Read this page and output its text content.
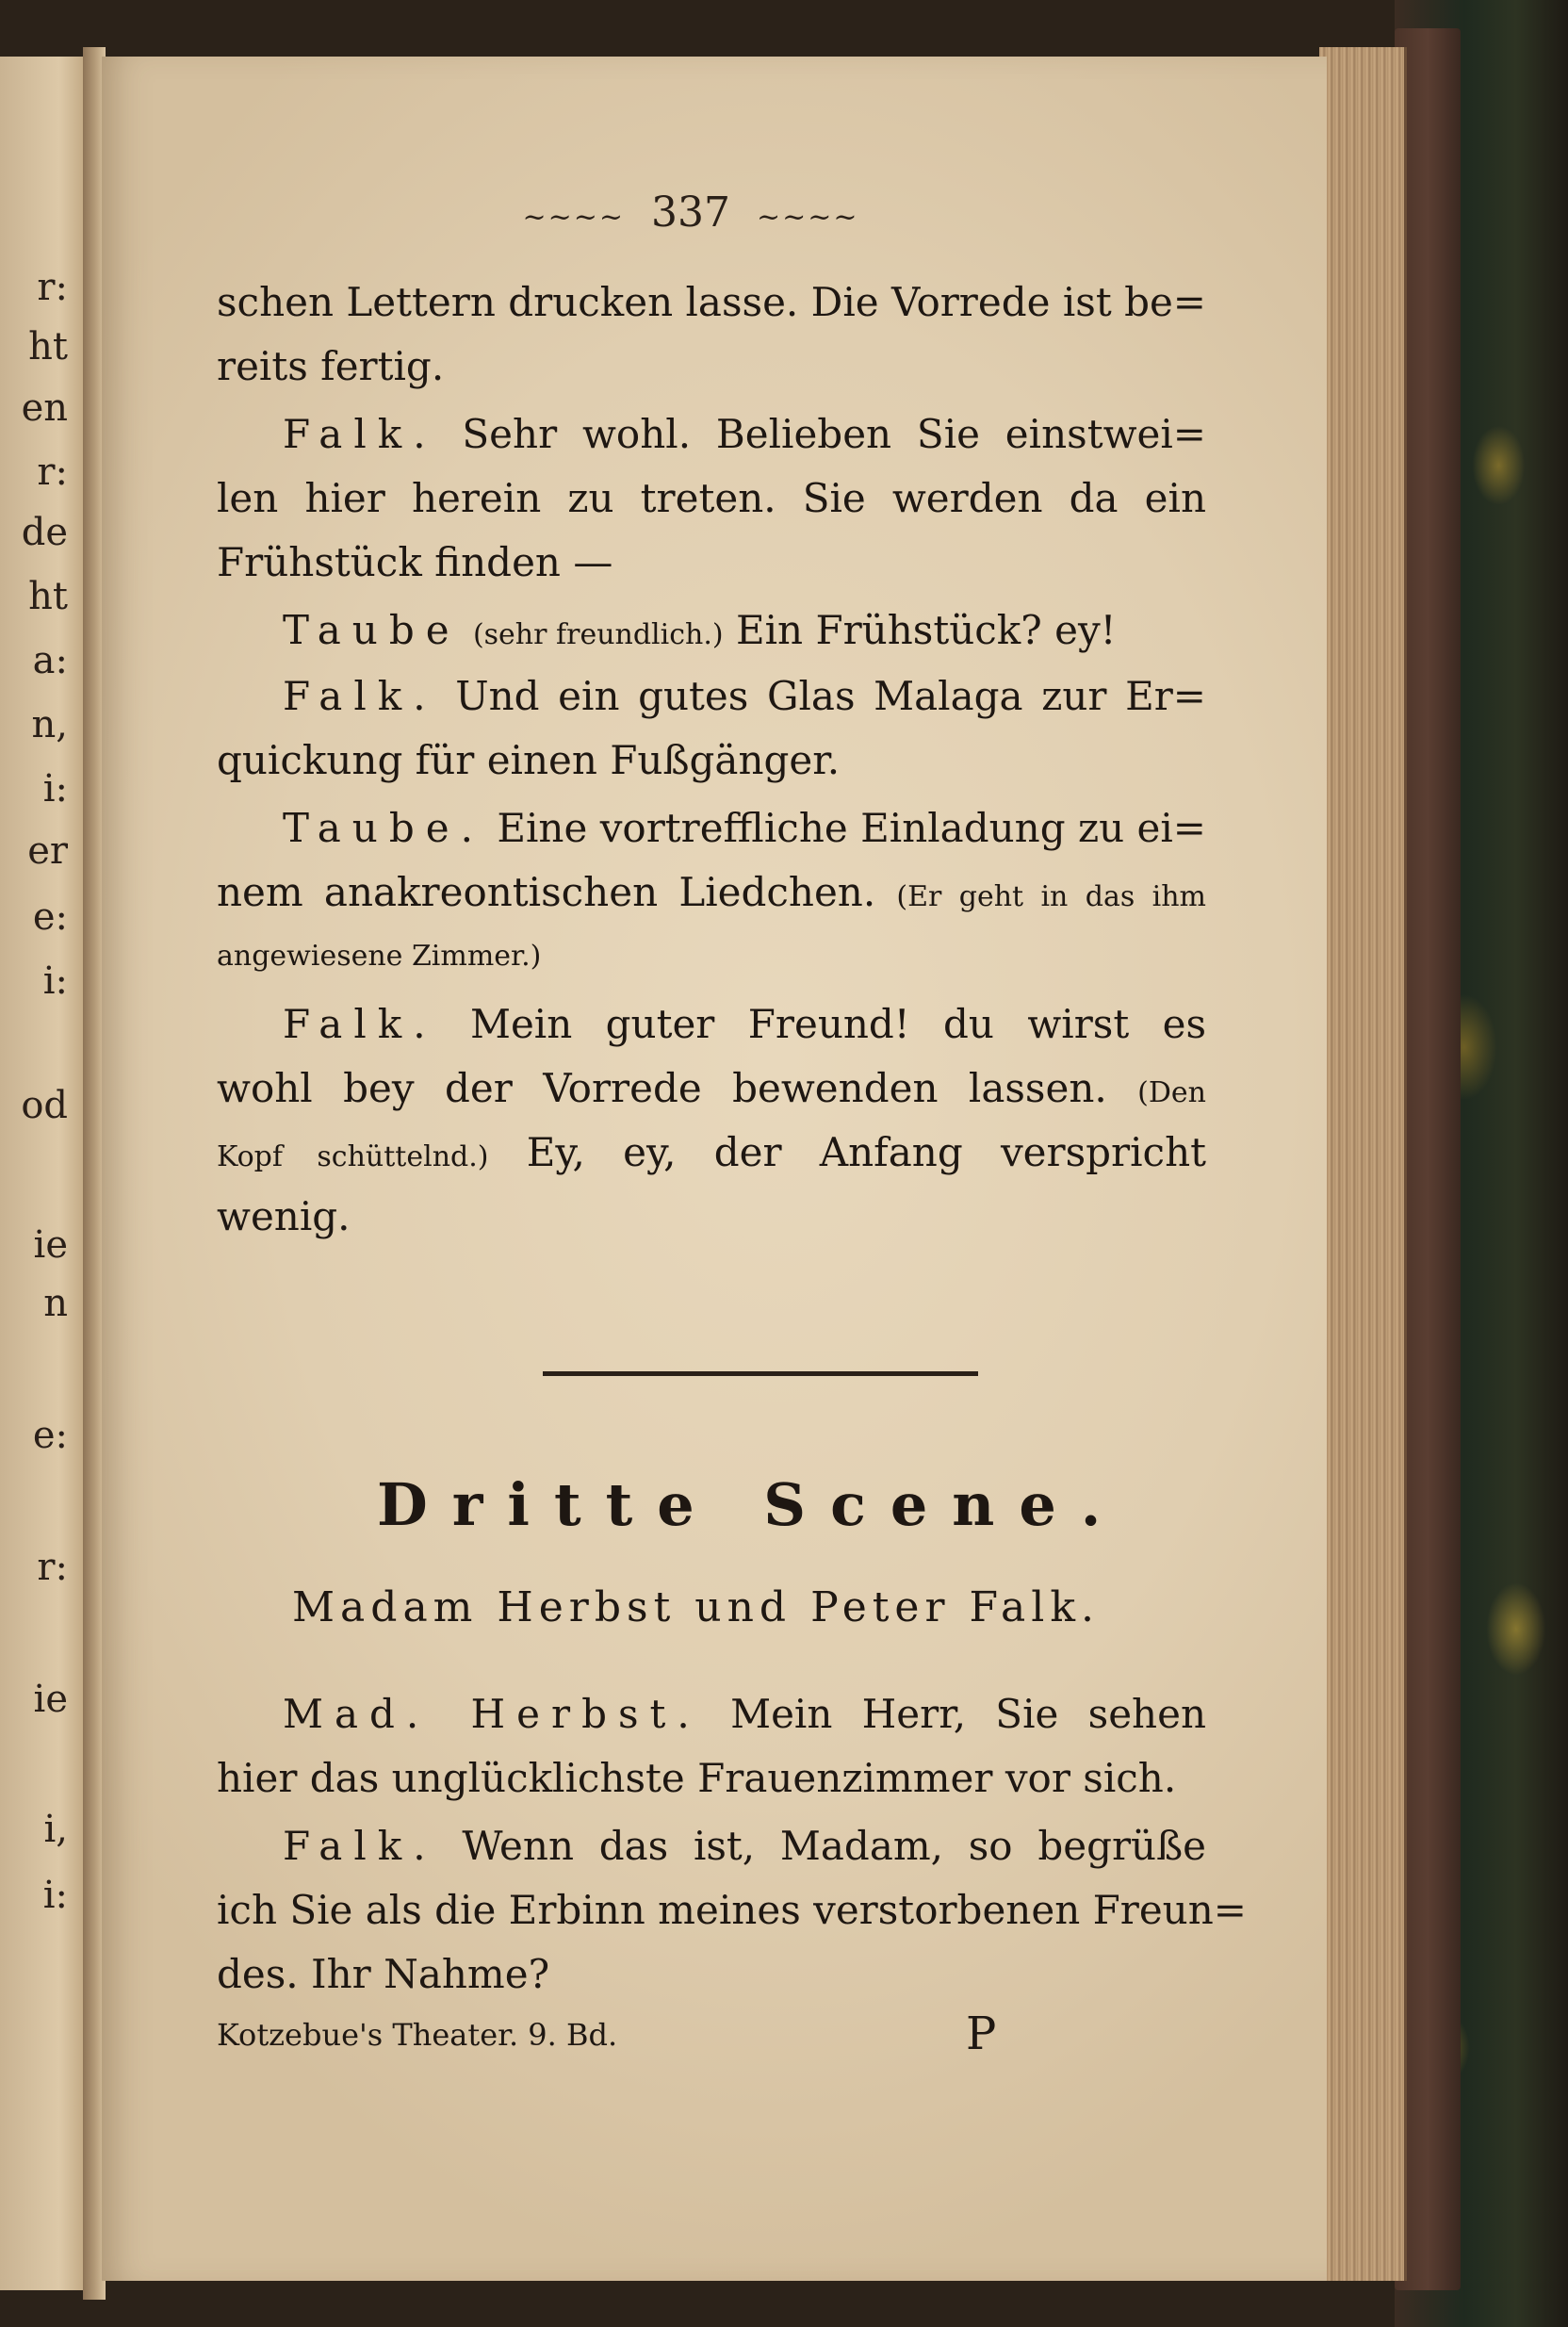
r:
ht
en
r:
de
ht
a:
n,
i:
er
e:
i:
od
ie
n
e:
r:
ie
i,
i:
~~~~ 337 ~~~~
schen Lettern drucken lasse. Die Vorrede ist be=
reits fertig.
Falk. Sehr wohl. Belieben Sie einstwei=
len hier herein zu treten. Sie werden da ein
Frühstück finden —
Taube (sehr freundlich.) Ein Frühstück? ey!
Falk. Und ein gutes Glas Malaga zur Er=
quickung für einen Fußgänger.
Taube. Eine vortreffliche Einladung zu ei=
nem anakreontischen Liedchen. (Er geht in das ihm
angewiesene Zimmer.)
Falk. Mein guter Freund! du wirst es
wohl bey der Vorrede bewenden lassen. (Den
Kopf schüttelnd.) Ey, ey, der Anfang verspricht
wenig.
Dritte Scene.
Madam Herbst und Peter Falk.
Mad. Herbst. Mein Herr, Sie sehen
hier das unglücklichste Frauenzimmer vor sich.
Falk. Wenn das ist, Madam, so begrüße
ich Sie als die Erbinn meines verstorbenen Freun=
des. Ihr Nahme?
Kotzebue's Theater. 9. Bd.	P
